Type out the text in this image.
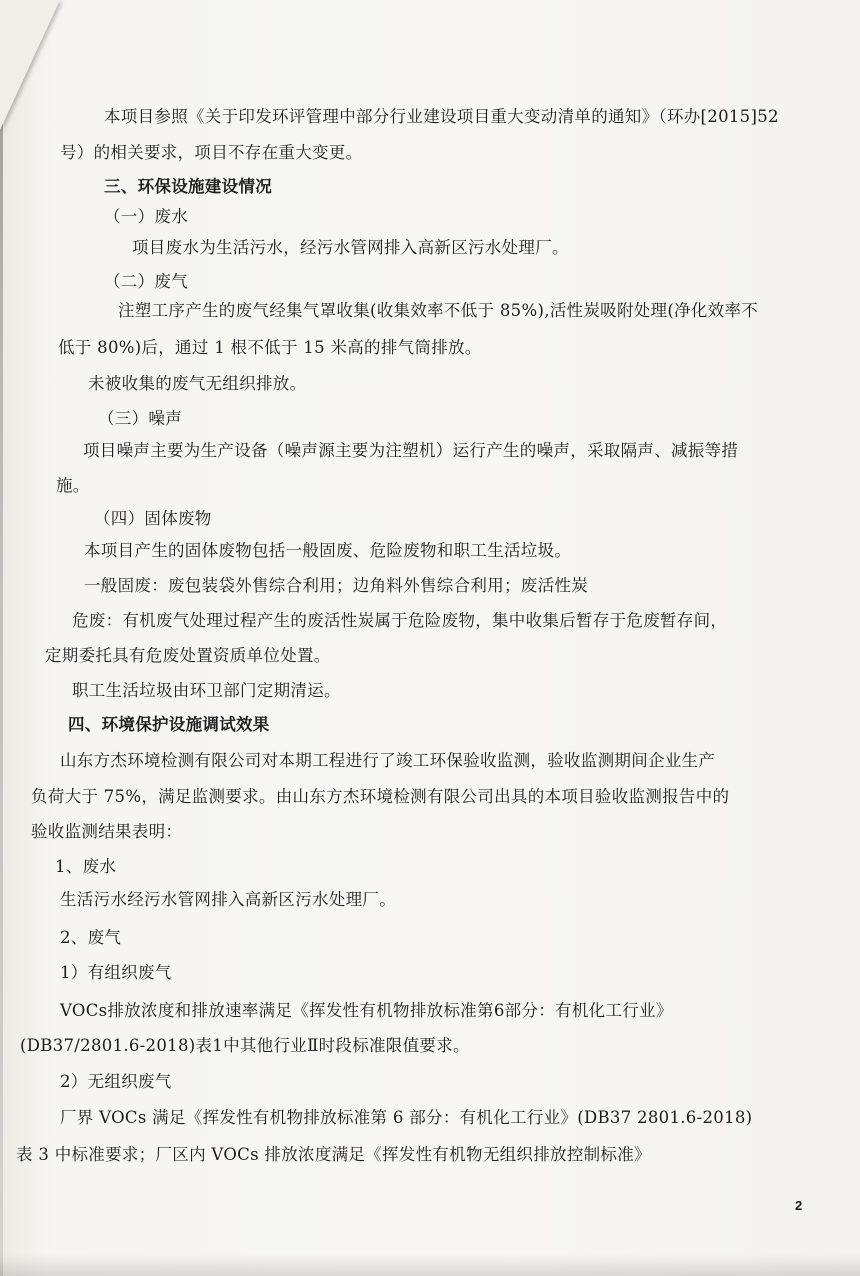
本项目参照《关于印发环评管理中部分行业建设项目重大变动清单的通知》（环办[2015]52
号）的相关要求，项目不存在重大变更。
三、环保设施建设情况
（一）废水
项目废水为生活污水，经污水管网排入高新区污水处理厂。
（二）废气
注塑工序产生的废气经集气罩收集(收集效率不低于 85%),活性炭吸附处理(净化效率不
低于 80%)后，通过 1 根不低于 15 米高的排气筒排放。
未被收集的废气无组织排放。
（三）噪声
项目噪声主要为生产设备（噪声源主要为注塑机）运行产生的噪声，采取隔声、减振等措
施。
（四）固体废物
本项目产生的固体废物包括一般固废、危险废物和职工生活垃圾。
一般固废：废包装袋外售综合利用；边角料外售综合利用；废活性炭
危废：有机废气处理过程产生的废活性炭属于危险废物，集中收集后暂存于危废暂存间，
定期委托具有危废处置资质单位处置。
职工生活垃圾由环卫部门定期清运。
四、环境保护设施调试效果
山东方杰环境检测有限公司对本期工程进行了竣工环保验收监测，验收监测期间企业生产
负荷大于 75%，满足监测要求。由山东方杰环境检测有限公司出具的本项目验收监测报告中的
验收监测结果表明：
1、废水
生活污水经污水管网排入高新区污水处理厂。
2、废气
1）有组织废气
VOCs排放浓度和排放速率满足《挥发性有机物排放标准第6部分：有机化工行业》
(DB37/2801.6-2018)表1中其他行业Ⅱ时段标准限值要求。
2）无组织废气
厂界 VOCs 满足《挥发性有机物排放标准第 6 部分：有机化工行业》(DB37 2801.6-2018)
表 3 中标准要求；厂区内 VOCs 排放浓度满足《挥发性有机物无组织排放控制标准》
2
